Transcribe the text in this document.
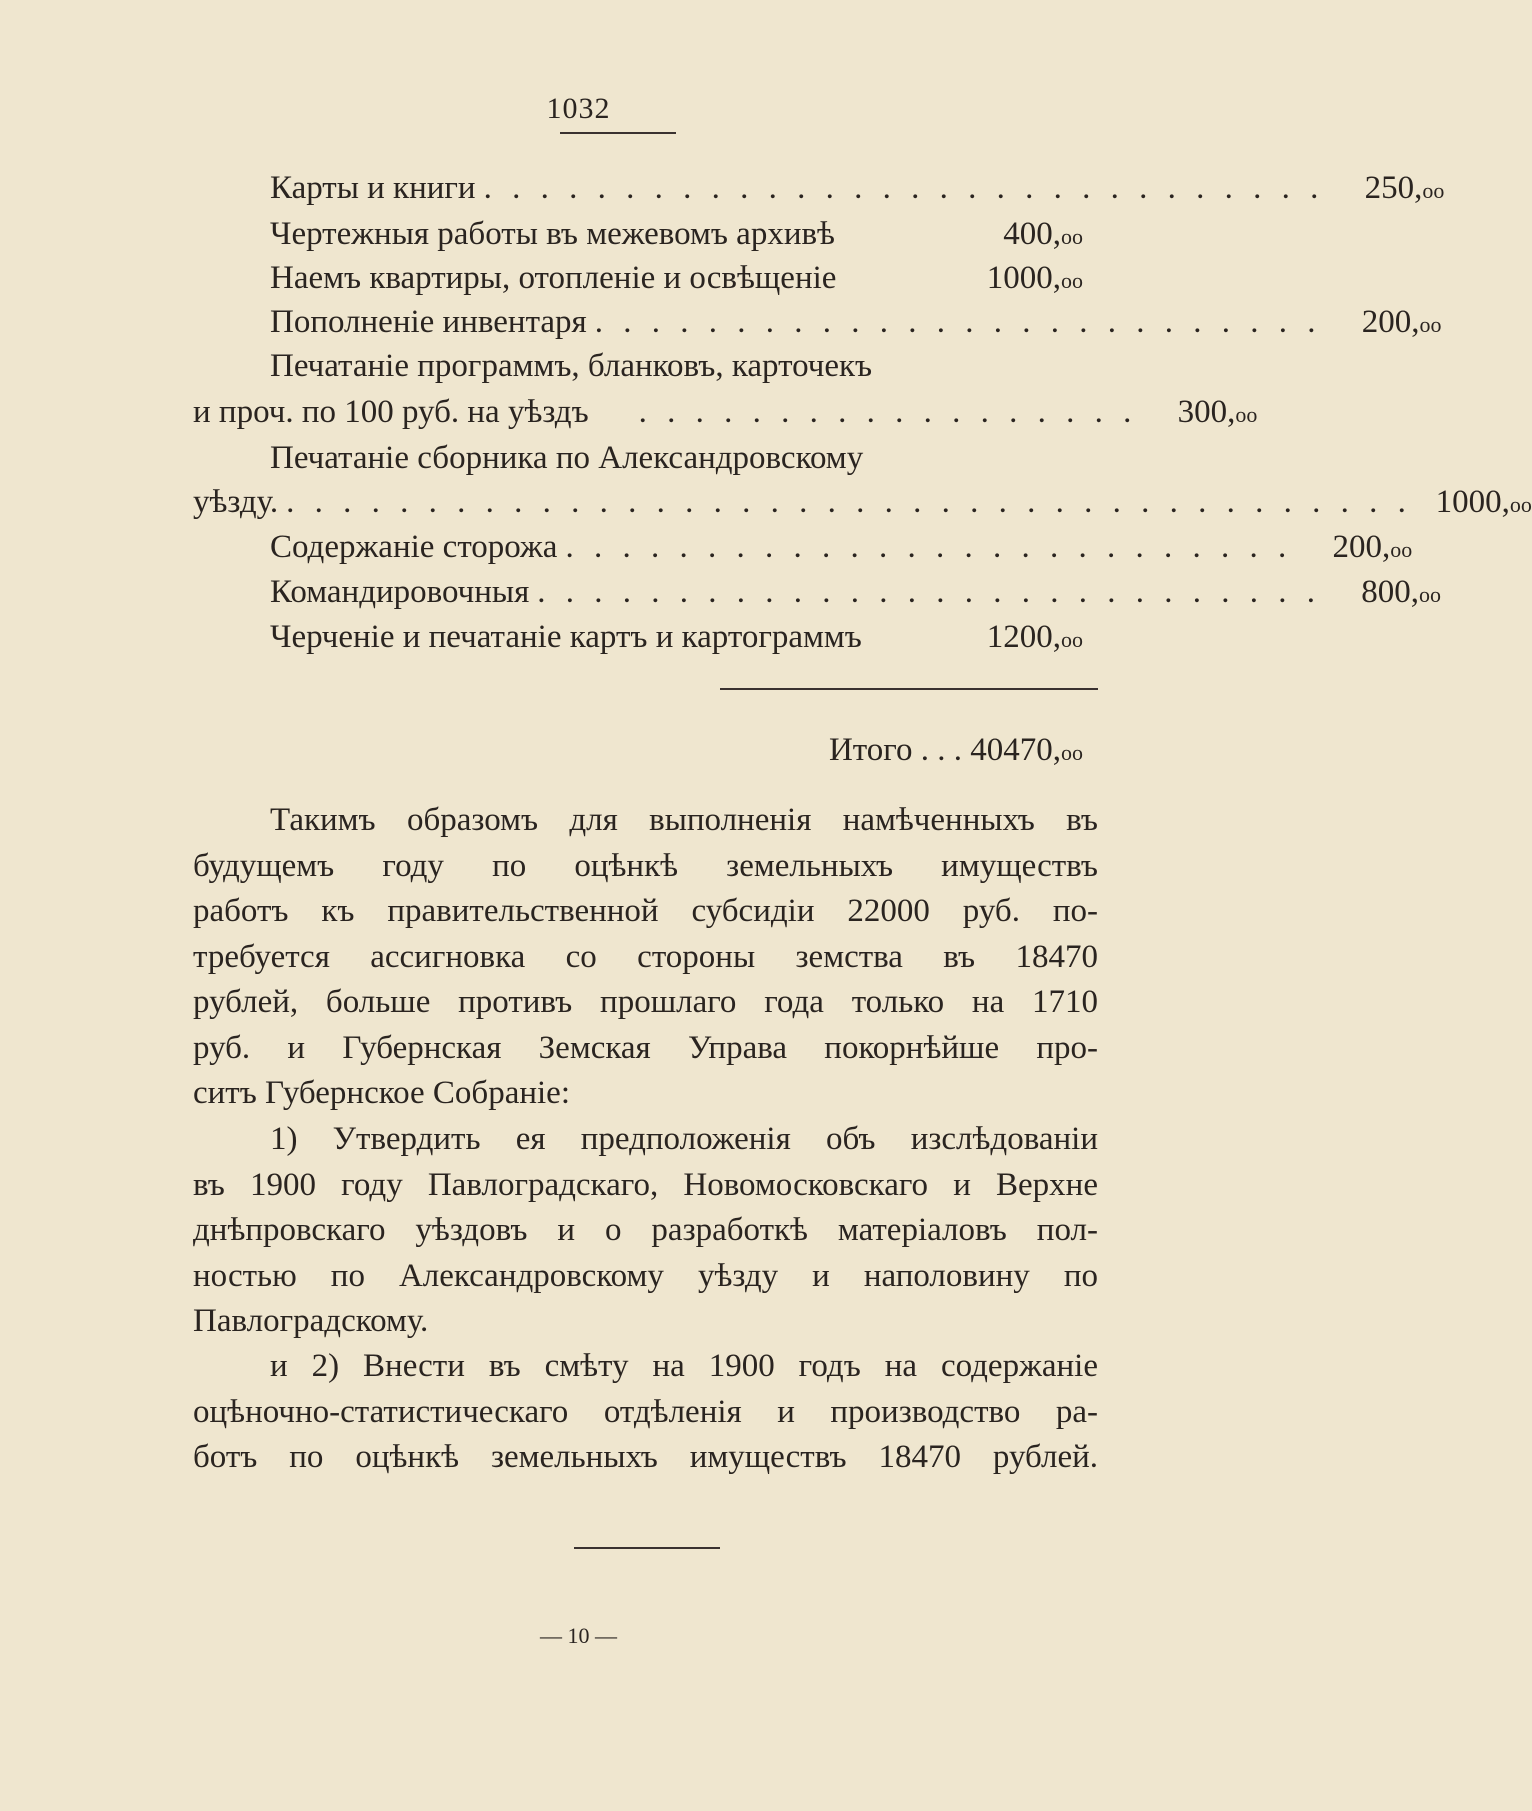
1032
Карты и книги . . . . . . . . . . . . . . . . . . . . . . . . . . . . . .	250,oo
Чертежныя работы въ межевомъ архивѣ	400,oo
Наемъ квартиры, отопленіе и освѣщеніе	1000,oo
Пополненіе инвентаря . . . . . . . . . . . . . . . . . . . . . . . . . .	200,oo
Печатаніе программъ, бланковъ, карточекъ
и проч. по 100 руб. на уѣздъ	. . . . . . . . . . . . . . . . . .	300,oo
Печатаніе сборника по Александровскому
уѣзду. . . . . . . . . . . . . . . . . . . . . . . . . . . . . . . . . . . . . . . . . 1000,oo
Содержаніе сторожа . . . . . . . . . . . . . . . . . . . . . . . . . .	200,oo
Командировочныя . . . . . . . . . . . . . . . . . . . . . . . . . . . .	800,oo
Черченіе и печатаніе картъ и картограммъ	1200,oo
Итого . . . 40470,oo
Такимъ образомъ для выполненія намѣченныхъ въ
будущемъ году по оцѣнкѣ земельныхъ имуществъ
работъ къ правительственной субсидіи 22000 руб. по-
требуется ассигновка со стороны земства въ 18470
рублей, больше противъ прошлаго года только на 1710
руб. и Губернская Земская Управа покорнѣйше про-
ситъ Губернское Собраніе:
1) Утвердить ея предположенія объ изслѣдованіи
въ 1900 году Павлоградскаго, Новомосковскаго и Верхне
днѣпровскаго уѣздовъ и о разработкѣ матеріаловъ пол-
ностью по Александровскому уѣзду и наполовину по
Павлоградскому.
и 2) Внести въ смѣту на 1900 годъ на содержаніе
оцѣночно-статистическаго отдѣленія и производство ра-
ботъ по оцѣнкѣ земельныхъ имуществъ 18470 рублей.
— 10 —
